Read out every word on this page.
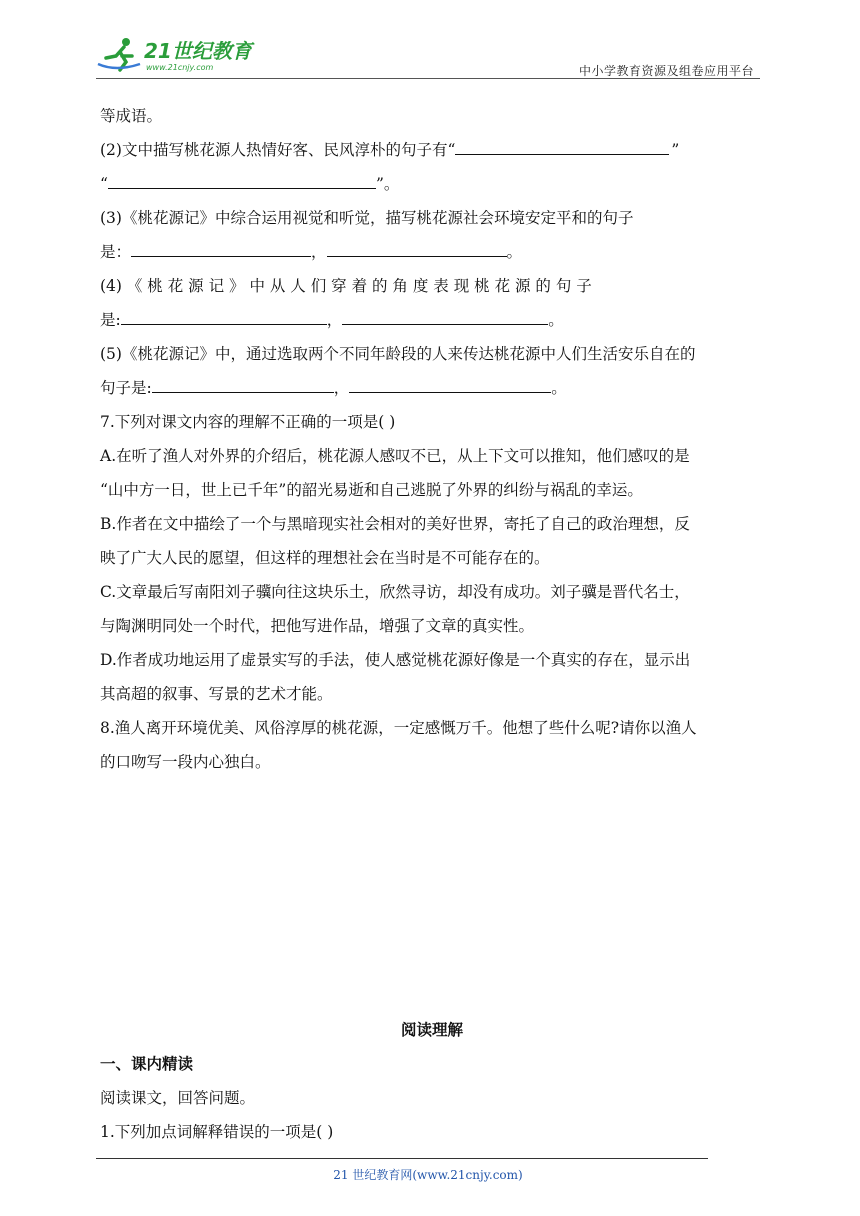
21世纪教育
www.21cnjy.com	中小学教育资源及组卷应用平台
等成语。
(2)文中描写桃花源人热情好客、民风淳朴的句子有“	”
“	”。
(3)《桃花源记》中综合运用视觉和听觉，描写桃花源社会环境安定平和的句子
是：	，	。
(4) 《 桃 花 源 记 》 中 从 人 们 穿 着 的 角 度 表 现 桃 花 源 的 句 子
是:	，	。
(5)《桃花源记》中，通过选取两个不同年龄段的人来传达桃花源中人们生活安乐自在的
句子是:	，	。
7.下列对课文内容的理解不正确的一项是( )
A.在听了渔人对外界的介绍后，桃花源人感叹不已，从上下文可以推知，他们感叹的是
“山中方一日，世上已千年”的韶光易逝和自己逃脱了外界的纠纷与祸乱的幸运。
B.作者在文中描绘了一个与黑暗现实社会相对的美好世界，寄托了自己的政治理想，反
映了广大人民的愿望，但这样的理想社会在当时是不可能存在的。
C.文章最后写南阳刘子骥向往这块乐土，欣然寻访，却没有成功。刘子骥是晋代名士，
与陶渊明同处一个时代，把他写进作品，增强了文章的真实性。
D.作者成功地运用了虚景实写的手法，使人感觉桃花源好像是一个真实的存在，显示出
其高超的叙事、写景的艺术才能。
8.渔人离开环境优美、风俗淳厚的桃花源，一定感慨万千。他想了些什么呢?请你以渔人
的口吻写一段内心独白。
阅读理解
一、课内精读
阅读课文，回答问题。
1.下列加点词解释错误的一项是( )
21 世纪教育网(www.21cnjy.com)
